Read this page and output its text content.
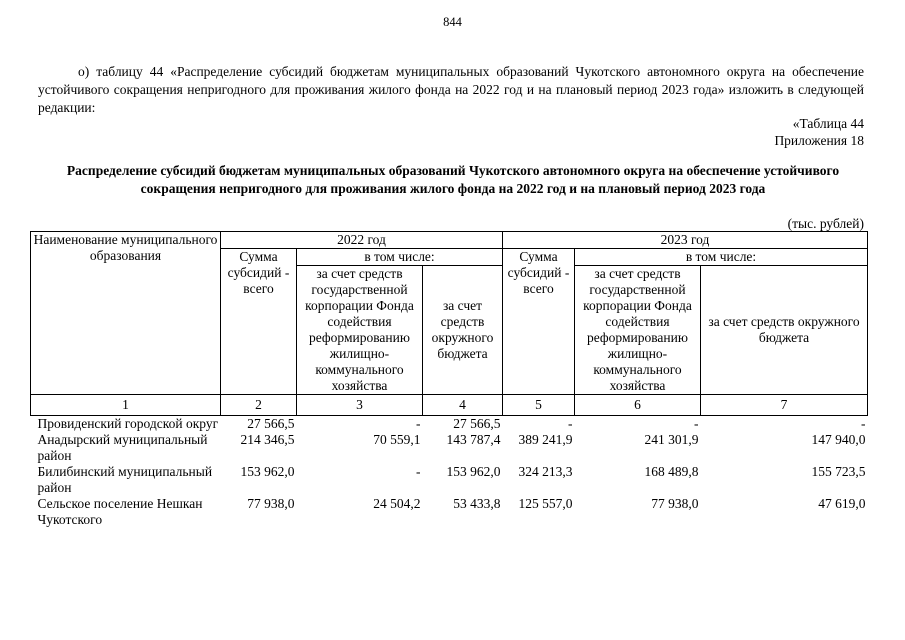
844
о) таблицу 44 «Распределение субсидий бюджетам муниципальных образований Чукотского автономного округа на обеспечение устойчивого сокращения непригодного для проживания жилого фонда на 2022 год и на плановый период 2023 года» изложить в следующей редакции:
«Таблица 44
Приложения 18
Распределение субсидий бюджетам муниципальных образований Чукотского автономного округа на обеспечение устойчивого сокращения непригодного для проживания жилого фонда на 2022 год и на плановый период 2023 года
(тыс. рублей)
Наименование муниципального образования	2022 год			2023 год		
	Сумма субсидий - всего	в том числе:		Сумма субсидий - всего	в том числе:	
		за счет средств государственной корпорации Фонда содействия реформированию жилищно-коммунального хозяйства	за счет средств окружного бюджета		за счет средств государственной корпорации Фонда содействия реформированию жилищно-коммунального хозяйства	за счет средств окружного бюджета
1	2	3	4	5	6	7
Провиденский городской округ	27 566,5	-	27 566,5	-	-	-
Анадырский муниципальный район	214 346,5	70 559,1	143 787,4	389 241,9	241 301,9	147 940,0
Билибинский муниципальный район	153 962,0	-	153 962,0	324 213,3	168 489,8	155 723,5
Сельское поселение Нешкан Чукотского	77 938,0	24 504,2	53 433,8	125 557,0	77 938,0	47 619,0
